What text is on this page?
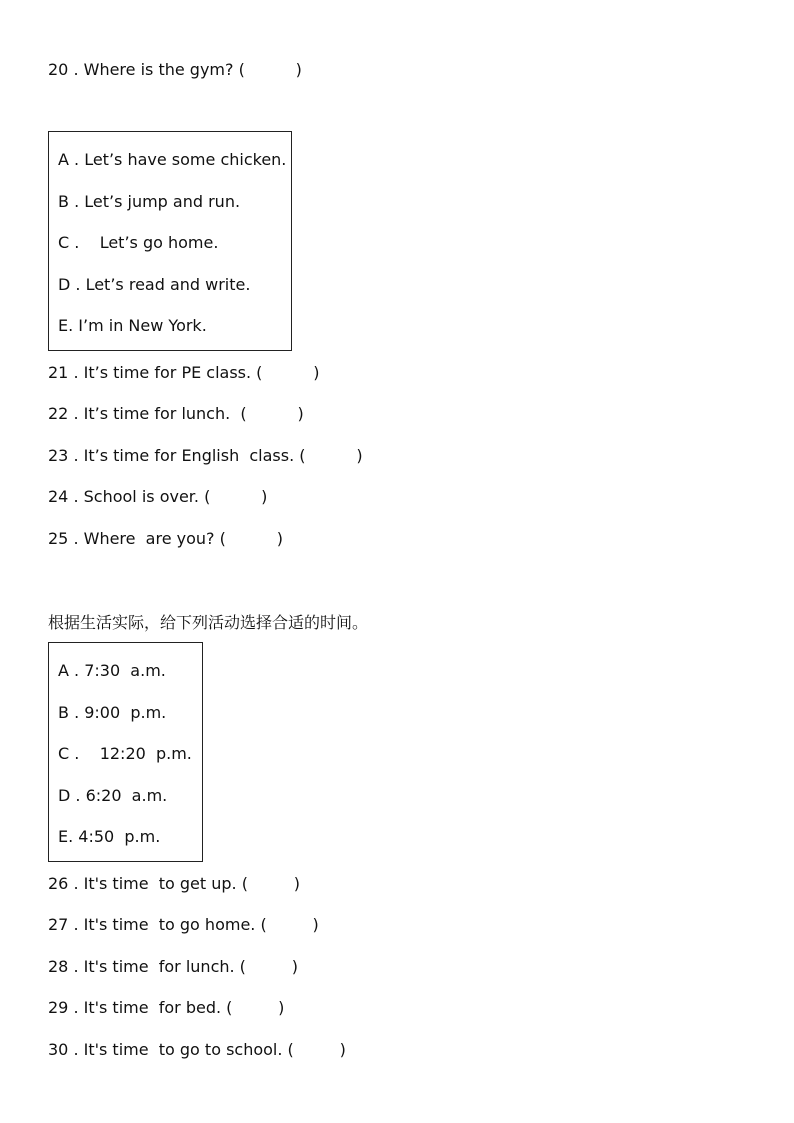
20 . Where is the gym? (          )
A . Let’s have some chicken.
B . Let’s jump and run.
C .    Let’s go home.
D . Let’s read and write.
E. I’m in New York.
21 . It’s time for PE class. (          )
22 . It’s time for lunch.  (          )
23 . It’s time for English  class. (          )
24 . School is over. (          )
25 . Where  are you? (          )
根据生活实际，给下列活动选择合适的时间。
A . 7:30  a.m.
B . 9:00  p.m.
C .    12:20  p.m.
D . 6:20  a.m.
E. 4:50  p.m.
26 . It's time  to get up. (         )
27 . It's time  to go home. (         )
28 . It's time  for lunch. (         )
29 . It's time  for bed. (         )
30 . It's time  to go to school. (         )
